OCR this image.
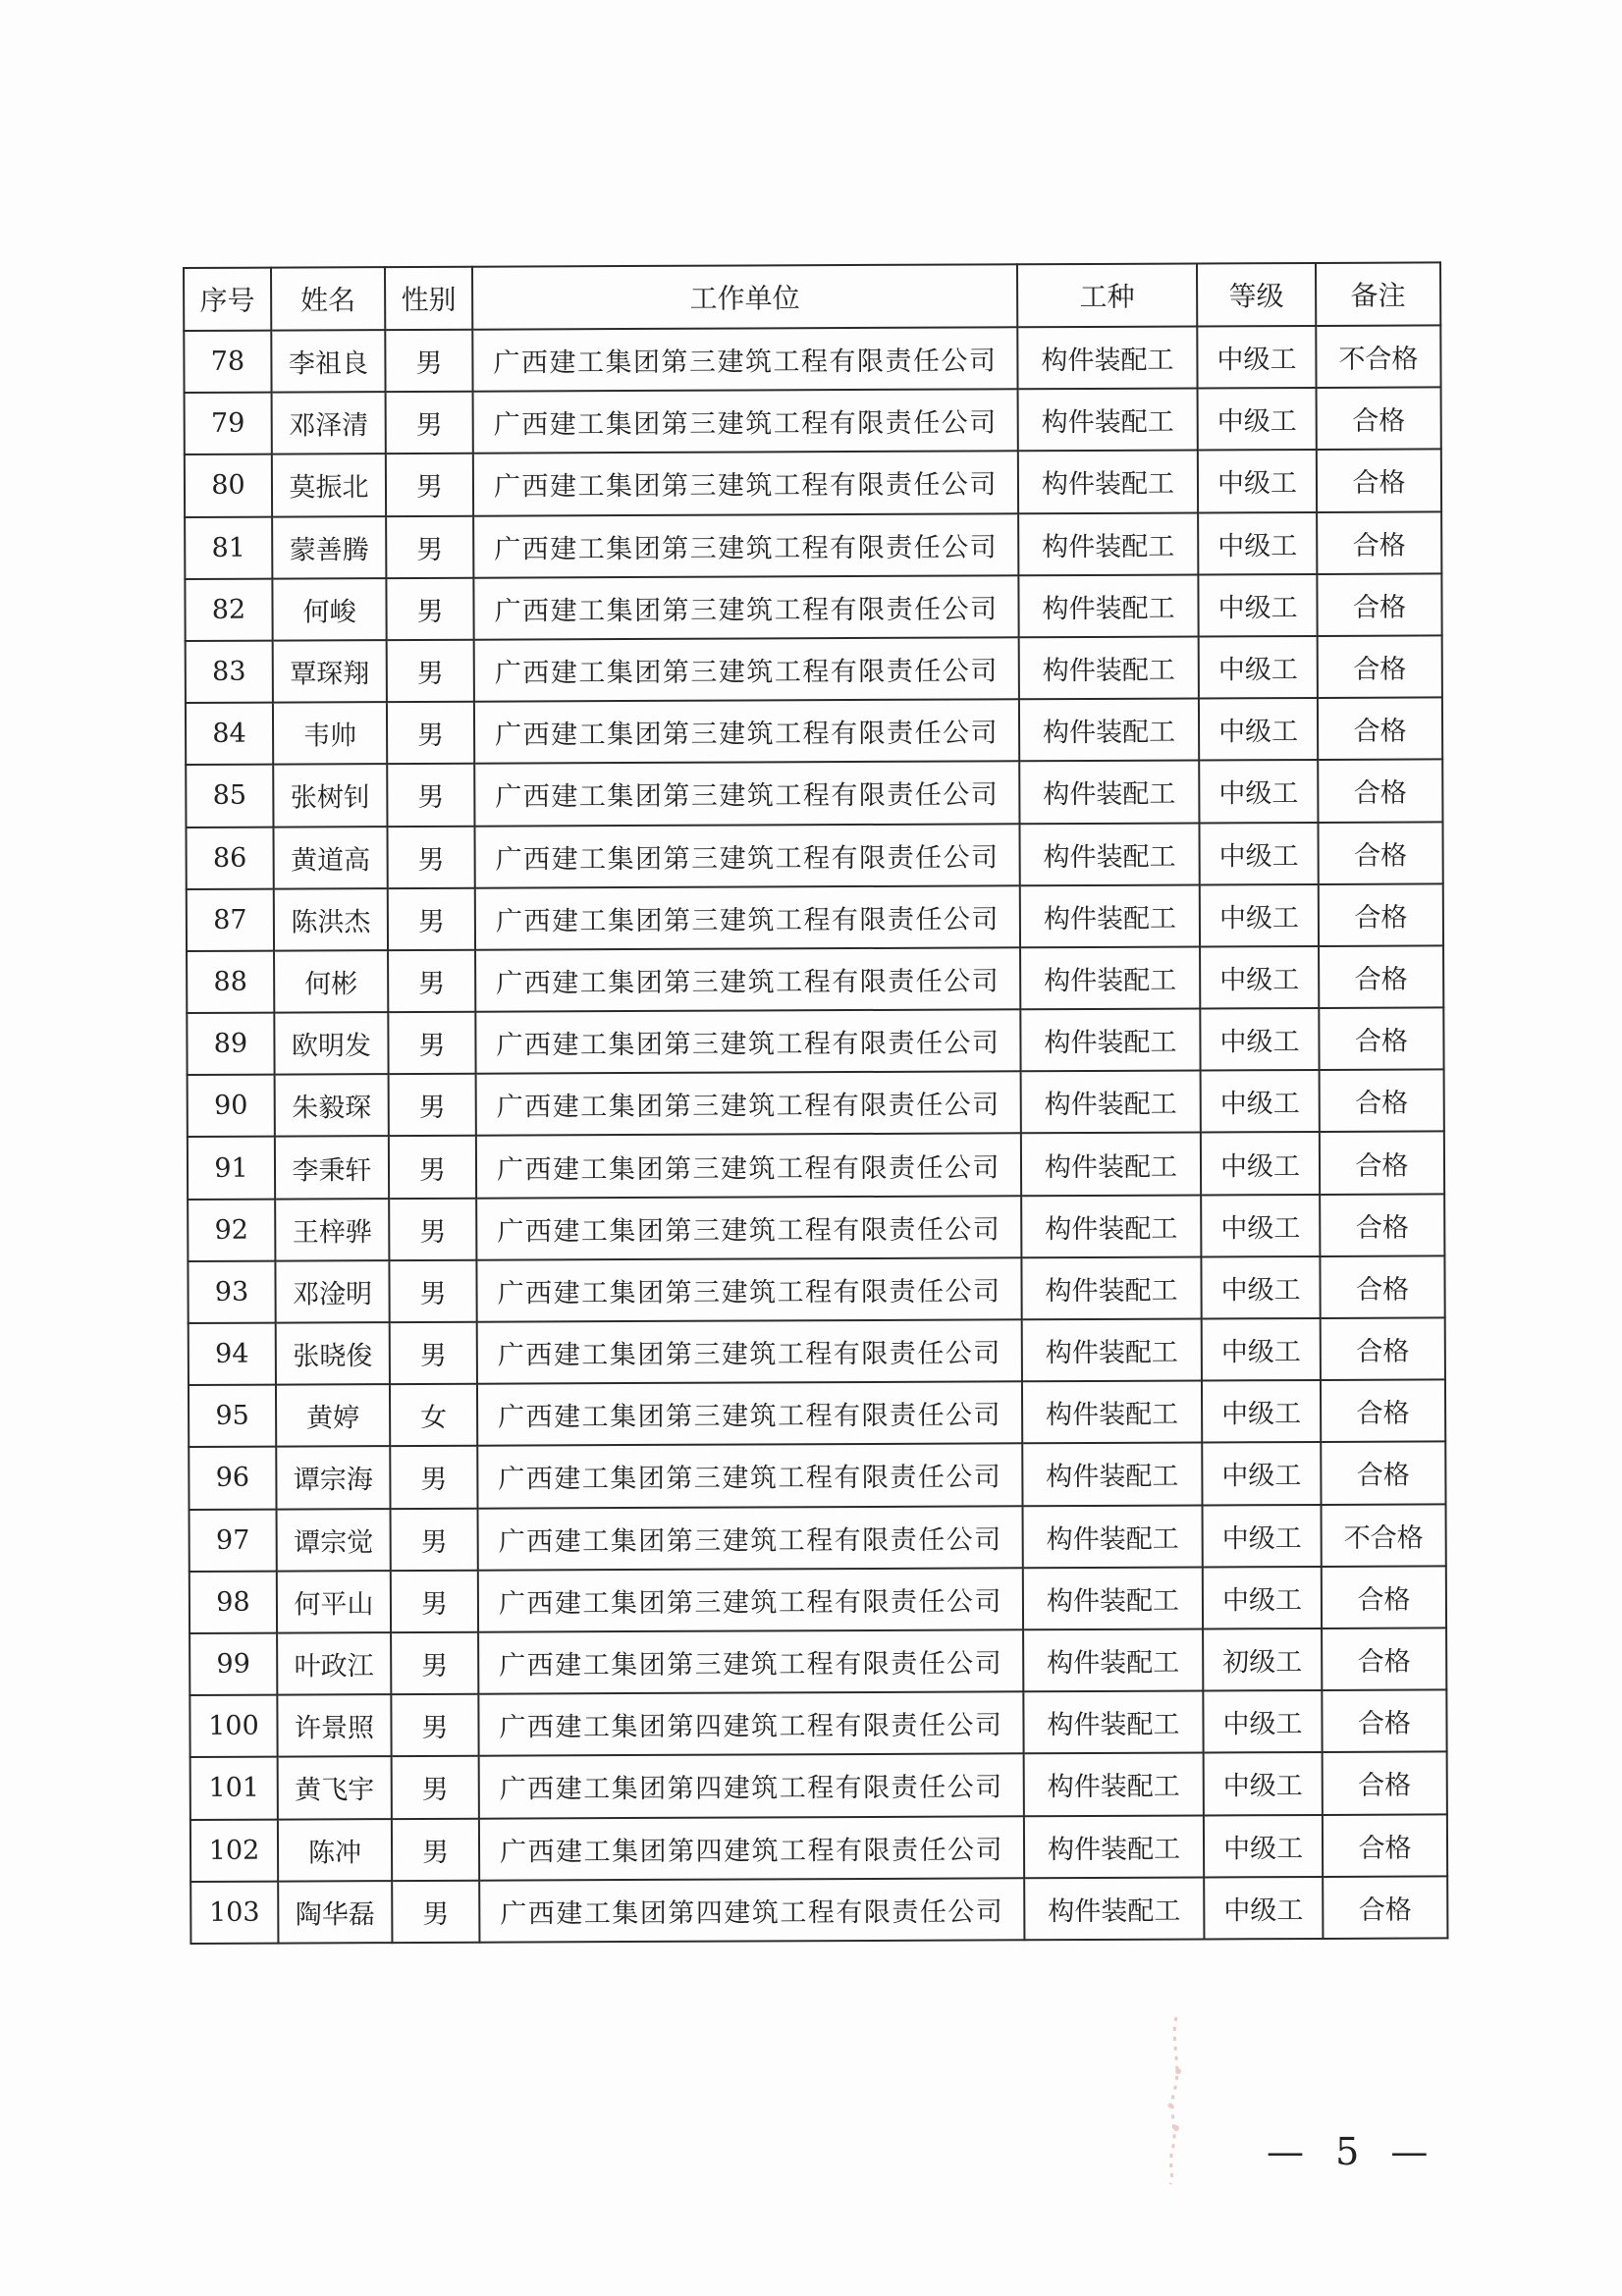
序号	姓名	性别	工作单位	工种	等级	备注
78	李祖良	男	广西建工集团第三建筑工程有限责任公司	构件装配工	中级工	不合格
79	邓泽清	男	广西建工集团第三建筑工程有限责任公司	构件装配工	中级工	合格
80	莫振北	男	广西建工集团第三建筑工程有限责任公司	构件装配工	中级工	合格
81	蒙善腾	男	广西建工集团第三建筑工程有限责任公司	构件装配工	中级工	合格
82	何峻	男	广西建工集团第三建筑工程有限责任公司	构件装配工	中级工	合格
83	覃琛翔	男	广西建工集团第三建筑工程有限责任公司	构件装配工	中级工	合格
84	韦帅	男	广西建工集团第三建筑工程有限责任公司	构件装配工	中级工	合格
85	张树钊	男	广西建工集团第三建筑工程有限责任公司	构件装配工	中级工	合格
86	黄道高	男	广西建工集团第三建筑工程有限责任公司	构件装配工	中级工	合格
87	陈洪杰	男	广西建工集团第三建筑工程有限责任公司	构件装配工	中级工	合格
88	何彬	男	广西建工集团第三建筑工程有限责任公司	构件装配工	中级工	合格
89	欧明发	男	广西建工集团第三建筑工程有限责任公司	构件装配工	中级工	合格
90	朱毅琛	男	广西建工集团第三建筑工程有限责任公司	构件装配工	中级工	合格
91	李秉轩	男	广西建工集团第三建筑工程有限责任公司	构件装配工	中级工	合格
92	王梓骅	男	广西建工集团第三建筑工程有限责任公司	构件装配工	中级工	合格
93	邓淦明	男	广西建工集团第三建筑工程有限责任公司	构件装配工	中级工	合格
94	张晓俊	男	广西建工集团第三建筑工程有限责任公司	构件装配工	中级工	合格
95	黄婷	女	广西建工集团第三建筑工程有限责任公司	构件装配工	中级工	合格
96	谭宗海	男	广西建工集团第三建筑工程有限责任公司	构件装配工	中级工	合格
97	谭宗觉	男	广西建工集团第三建筑工程有限责任公司	构件装配工	中级工	不合格
98	何平山	男	广西建工集团第三建筑工程有限责任公司	构件装配工	中级工	合格
99	叶政江	男	广西建工集团第三建筑工程有限责任公司	构件装配工	初级工	合格
100	许景照	男	广西建工集团第四建筑工程有限责任公司	构件装配工	中级工	合格
101	黄飞宇	男	广西建工集团第四建筑工程有限责任公司	构件装配工	中级工	合格
102	陈冲	男	广西建工集团第四建筑工程有限责任公司	构件装配工	中级工	合格
103	陶华磊	男	广西建工集团第四建筑工程有限责任公司	构件装配工	中级工	合格
— 5 —
